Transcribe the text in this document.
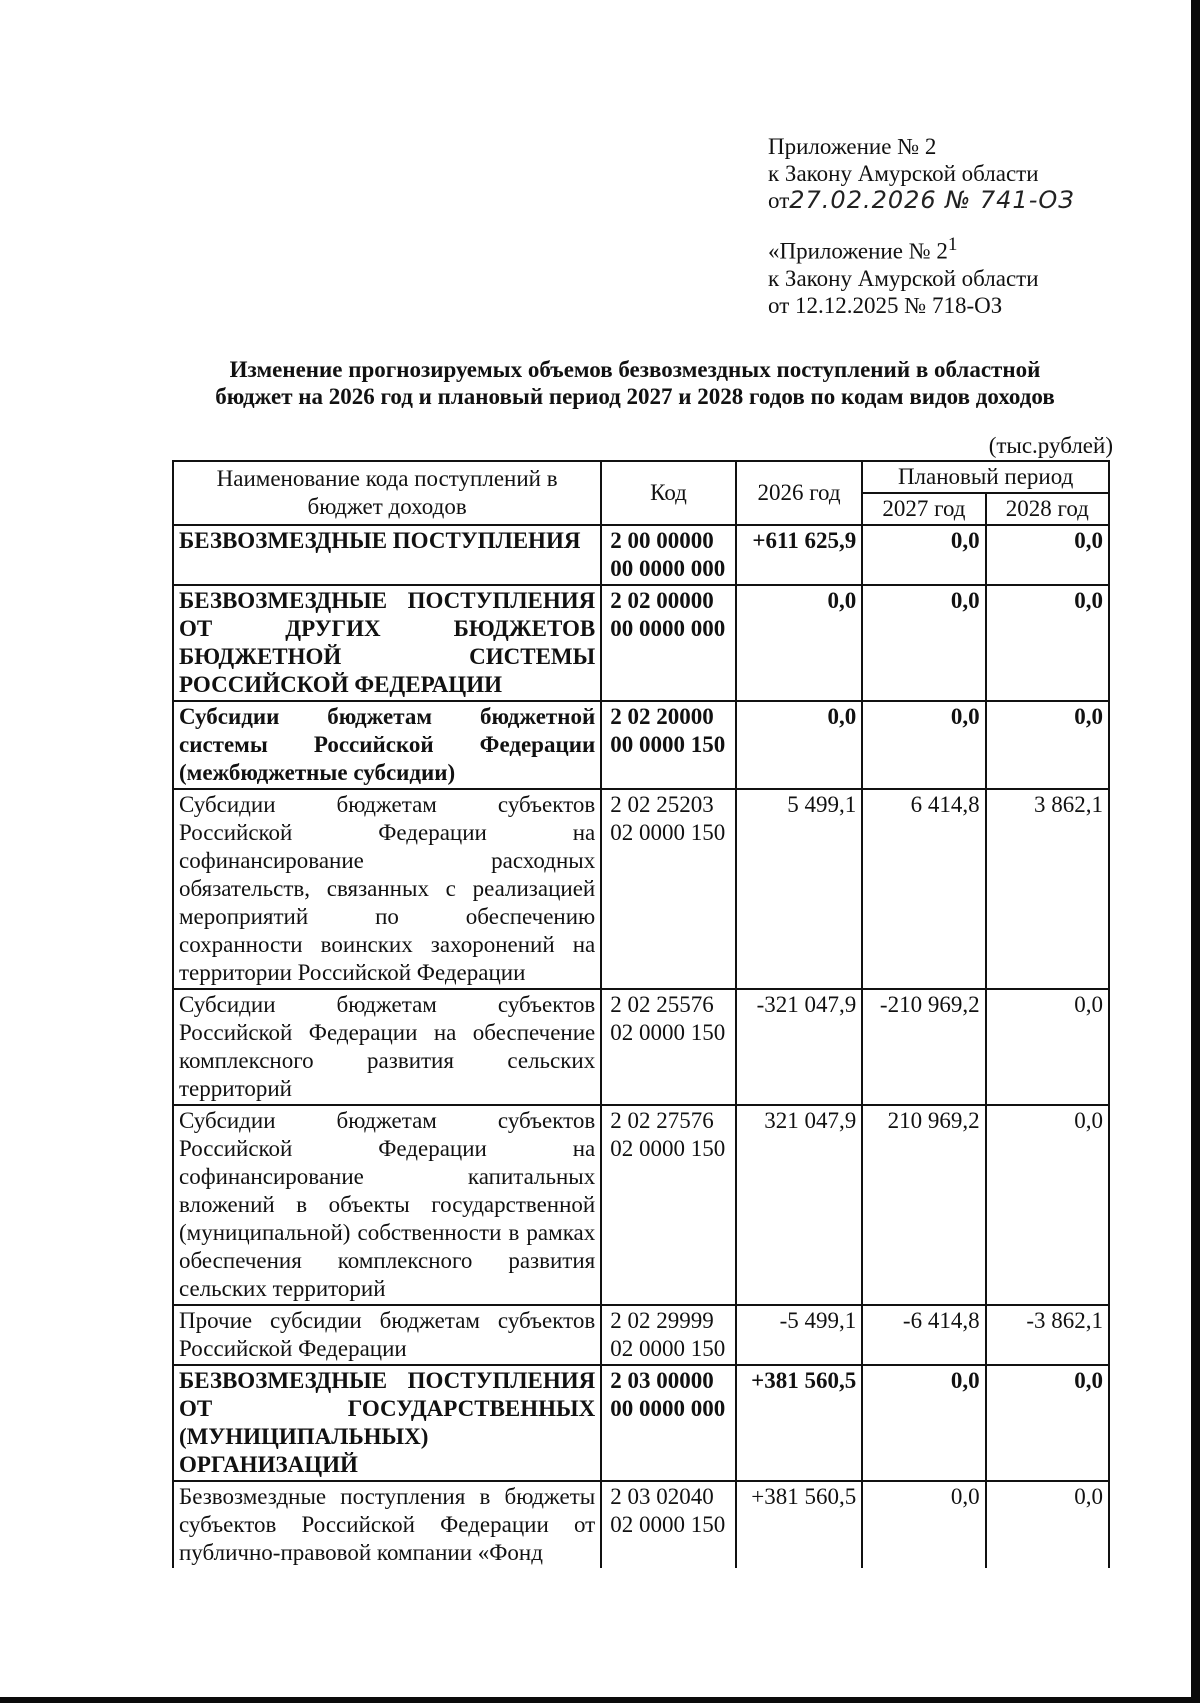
Приложение № 2
к Закону Амурской области
от27.02.2026 № 741-ОЗ
«Приложение № $2^1$
к Закону Амурской области
от 12.12.2025 № 718-ОЗ
Изменение прогнозируемых объемов безвозмездных поступлений в областной
бюджет на 2026 год и плановый период 2027 и 2028 годов по кодам видов доходов
(тыс.рублей)
Наименование кода поступлений в бюджет доходов	Код	2026 год	Плановый период	
			2027 год	2028 год
БЕЗВОЗМЕЗДНЫЕ ПОСТУПЛЕНИЯ	2 00 00000 00 0000 000	+611 625,9	0,0	0,0
БЕЗВОЗМЕЗДНЫЕ ПОСТУПЛЕНИЯ ОТ ДРУГИХ БЮДЖЕТОВ БЮДЖЕТНОЙ СИСТЕМЫ РОССИЙСКОЙ ФЕДЕРАЦИИ	2 02 00000 00 0000 000	0,0	0,0	0,0
Субсидии бюджетам бюджетной системы Российской Федерации (межбюджетные субсидии)	2 02 20000 00 0000 150	0,0	0,0	0,0
Субсидии бюджетам субъектов Российской Федерации на софинансирование расходных обязательств, связанных с реализацией мероприятий по обеспечению сохранности воинских захоронений на территории Российской Федерации	2 02 25203 02 0000 150	5 499,1	6 414,8	3 862,1
Субсидии бюджетам субъектов Российской Федерации на обеспечение комплексного развития сельских территорий	2 02 25576 02 0000 150	-321 047,9	-210 969,2	0,0
Субсидии бюджетам субъектов Российской Федерации на софинансирование капитальных вложений в объекты государственной (муниципальной) собственности в рамках обеспечения комплексного развития сельских территорий	2 02 27576 02 0000 150	321 047,9	210 969,2	0,0
Прочие субсидии бюджетам субъектов Российской Федерации	2 02 29999 02 0000 150	-5 499,1	-6 414,8	-3 862,1
БЕЗВОЗМЕЗДНЫЕ ПОСТУПЛЕНИЯ ОТ ГОСУДАРСТВЕННЫХ (МУНИЦИПАЛЬНЫХ) ОРГАНИЗАЦИЙ	2 03 00000 00 0000 000	+381 560,5	0,0	0,0
Безвозмездные поступления в бюджеты субъектов Российской Федерации от публично-правовой компании «Фонд	2 03 02040 02 0000 150	+381 560,5	0,0	0,0
